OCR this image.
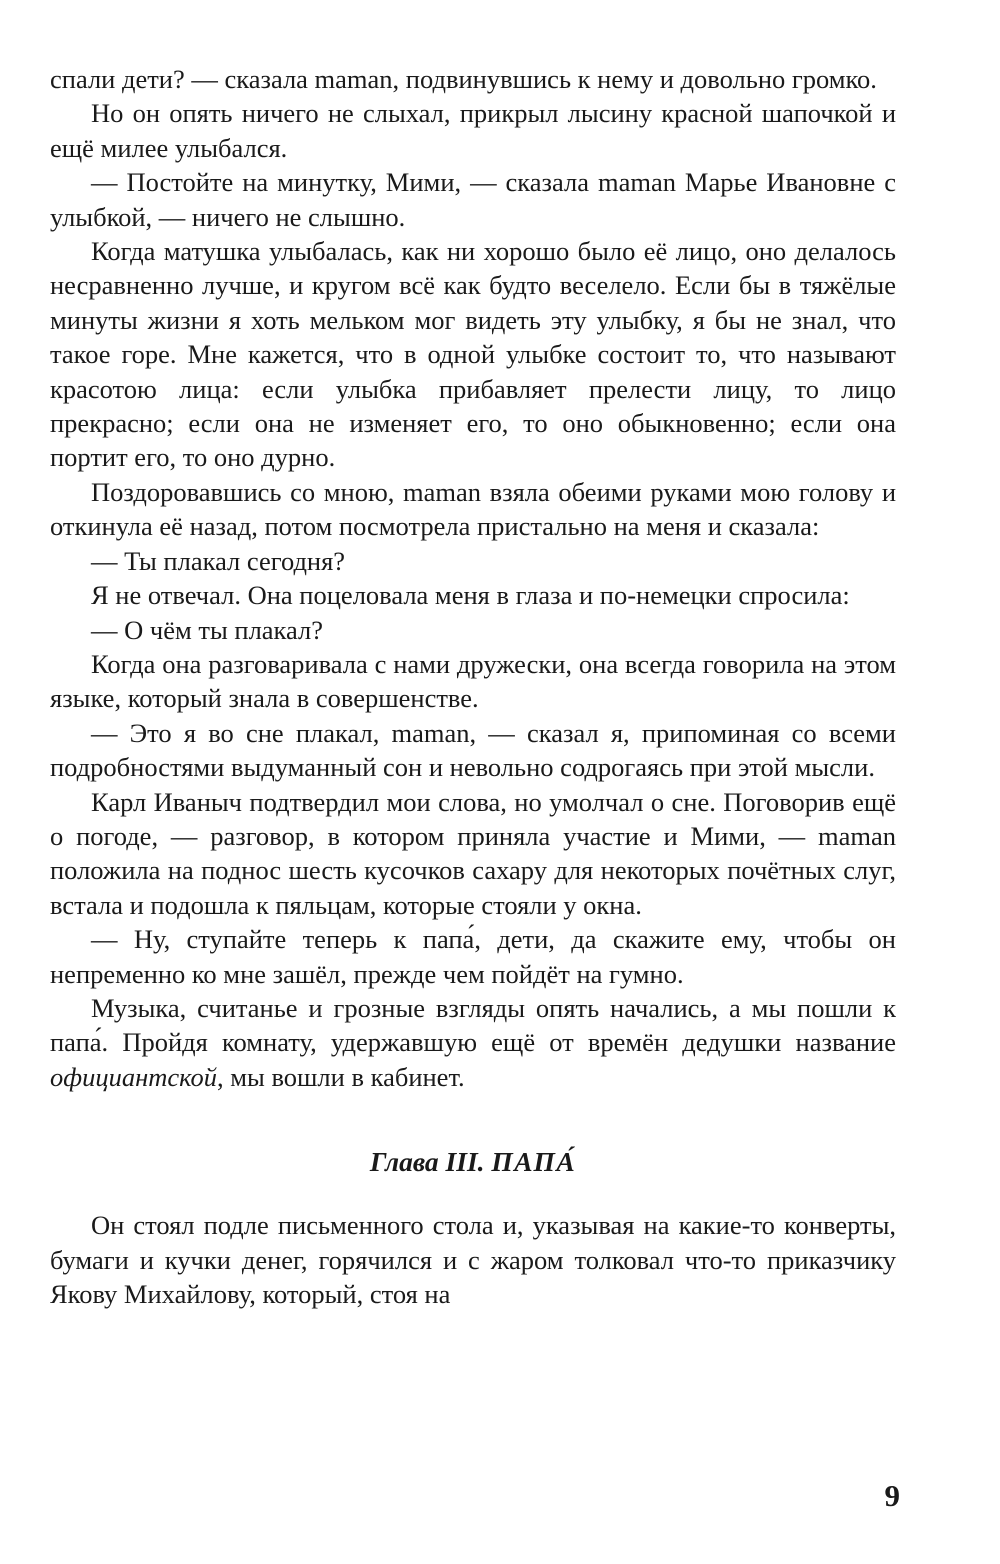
спали дети? — сказала maman, подвинувшись к нему и довольно громко.

Но он опять ничего не слыхал, прикрыл лысину красной шапочкой и ещё милее улыбался.

— Постойте на минутку, Мими, — сказала maman Марье Ивановне с улыбкой, — ничего не слышно.

Когда матушка улыбалась, как ни хорошо было её лицо, оно делалось несравненно лучше, и кругом всё как будто веселело. Если бы в тяжёлые минуты жизни я хоть мельком мог видеть эту улыбку, я бы не знал, что такое горе. Мне кажется, что в одной улыбке состоит то, что называют красотою лица: если улыбка прибавляет прелести лицу, то лицо прекрасно; если она не изменяет его, то оно обыкновенно; если она портит его, то оно дурно.

Поздоровавшись со мною, maman взяла обеими руками мою голову и откинула её назад, потом посмотрела пристально на меня и сказала:

— Ты плакал сегодня?

Я не отвечал. Она поцеловала меня в глаза и по-немецки спросила:

— О чём ты плакал?

Когда она разговаривала с нами дружески, она всегда говорила на этом языке, который знала в совершенстве.

— Это я во сне плакал, maman, — сказал я, припоминая со всеми подробностями выдуманный сон и невольно содрогаясь при этой мысли.

Карл Иваныч подтвердил мои слова, но умолчал о сне. Поговорив ещё о погоде, — разговор, в котором приняла участие и Мими, — maman положила на поднос шесть кусочков сахару для некоторых почётных слуг, встала и подошла к пяльцам, которые стояли у окна.

— Ну, ступайте теперь к папа́, дети, да скажите ему, чтобы он непременно ко мне зашёл, прежде чем пойдёт на гумно.

Музыка, считанье и грозные взгляды опять начались, а мы пошли к папа́. Пройдя комнату, удержавшую ещё от времён дедушки название официантской, мы вошли в кабинет.

Глава III. ПАПА́

Он стоял подле письменного стола и, указывая на какие-то конверты, бумаги и кучки денег, горячился и с жаром толковал что-то приказчику Якову Михайлову, который, стоя на

9
